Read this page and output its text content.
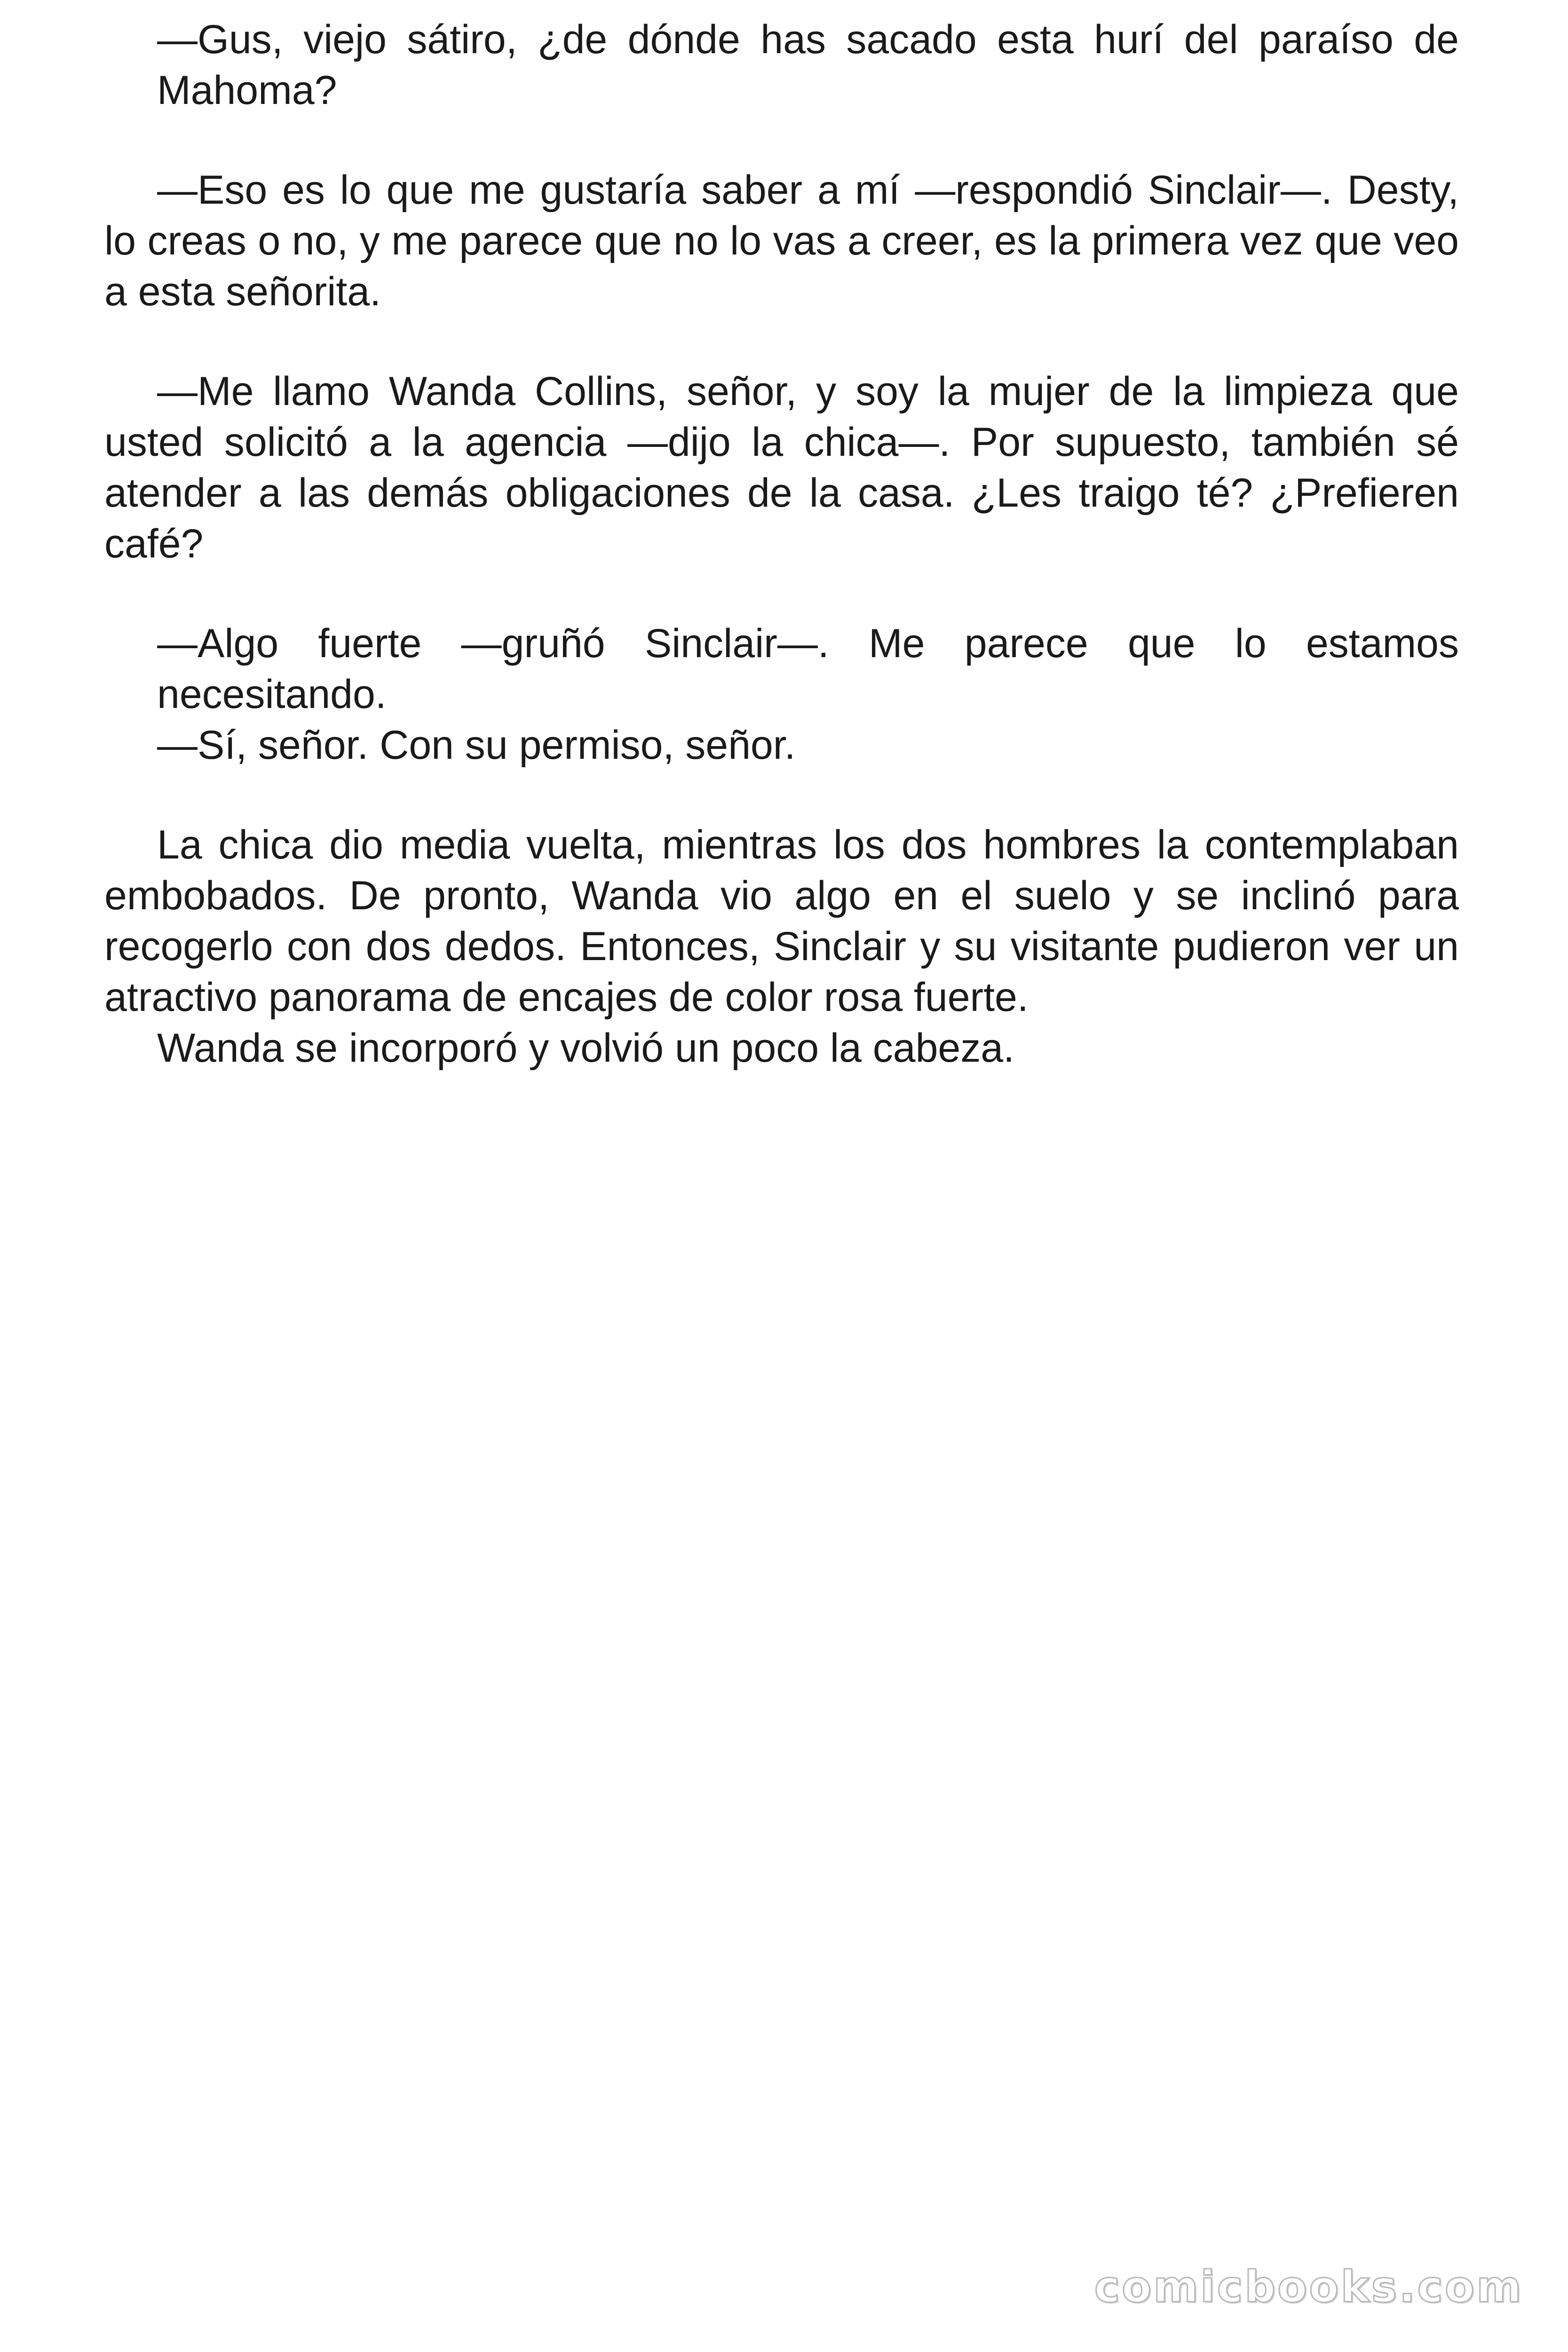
—Gus, viejo sátiro, ¿de dónde has sacado esta hurí del paraíso de Mahoma?

—Eso es lo que me gustaría saber a mí —respondió Sinclair—. Desty, lo creas o no, y me parece que no lo vas a creer, es la primera vez que veo a esta señorita.

—Me llamo Wanda Collins, señor, y soy la mujer de la limpieza que usted solicitó a la agencia —dijo la chica—. Por supuesto, también sé atender a las demás obligaciones de la casa. ¿Les traigo té? ¿Prefieren café?

—Algo fuerte —gruñó Sinclair—. Me parece que lo estamos necesitando.

—Sí, señor. Con su permiso, señor.

La chica dio media vuelta, mientras los dos hombres la contemplaban embobados. De pronto, Wanda vio algo en el suelo y se inclinó para recogerlo con dos dedos. Entonces, Sinclair y su visitante pudieron ver un atractivo panorama de encajes de color rosa fuerte.

Wanda se incorporó y volvió un poco la cabeza.

comicbooks.com
